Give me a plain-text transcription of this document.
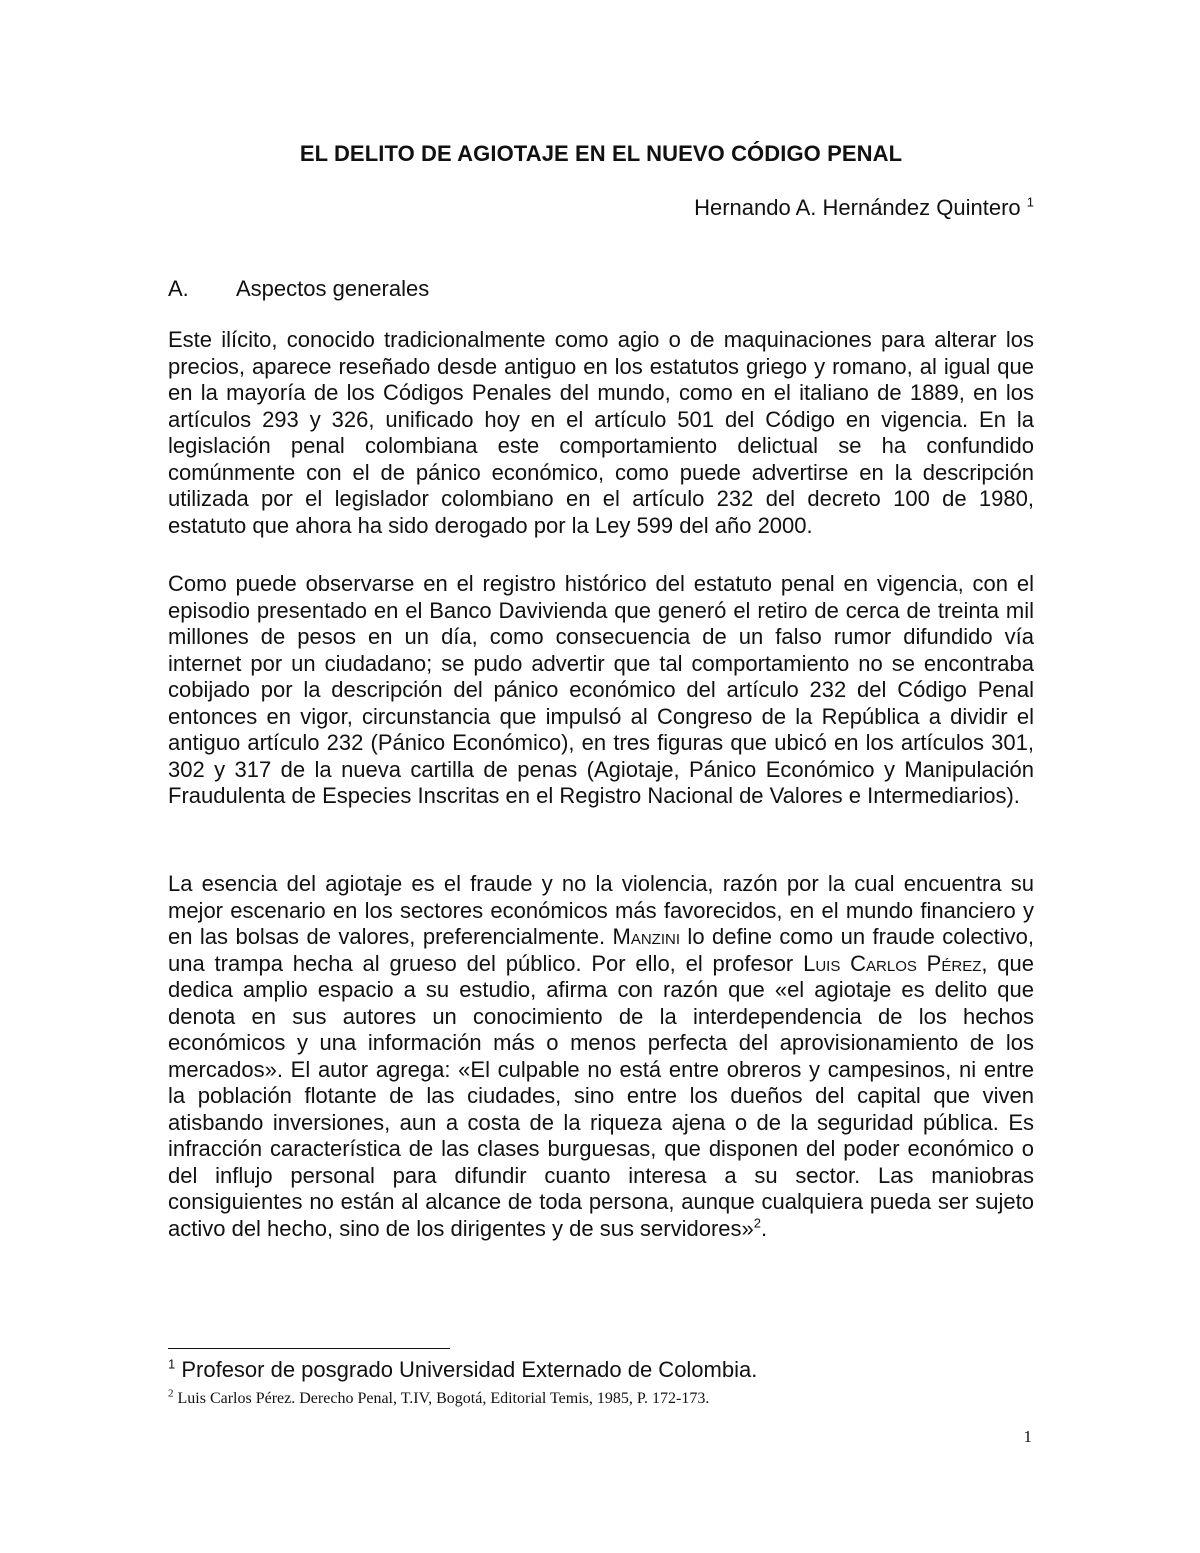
EL DELITO DE AGIOTAJE EN EL NUEVO CÓDIGO PENAL
Hernando A. Hernández Quintero $^1$
A. Aspectos generales

Este ilícito, conocido tradicionalmente como agio o de maquinaciones para alterar los precios, aparece reseñado desde antiguo en los estatutos griego y romano, al igual que en la mayoría de los Códigos Penales del mundo, como en el italiano de 1889, en los artículos 293 y 326, unificado hoy en el artículo 501 del Código en vigencia. En la legislación penal colombiana este comportamiento delictual se ha confundido comúnmente con el de pánico económico, como puede advertirse en la descripción utilizada por el legislador colombiano en el artículo 232 del decreto 100 de 1980, estatuto que ahora ha sido derogado por la Ley 599 del año 2000.

Como puede observarse en el registro histórico del estatuto penal en vigencia, con el episodio presentado en el Banco Davivienda que generó el retiro de cerca de treinta mil millones de pesos en un día, como consecuencia de un falso rumor difundido vía internet por un ciudadano; se pudo advertir que tal comportamiento no se encontraba cobijado por la descripción del pánico económico del artículo 232 del Código Penal entonces en vigor, circunstancia que impulsó al Congreso de la República a dividir el antiguo artículo 232 (Pánico Económico), en tres figuras que ubicó en los artículos 301, 302 y 317 de la nueva cartilla de penas (Agiotaje, Pánico Económico y Manipulación Fraudulenta de Especies Inscritas en el Registro Nacional de Valores e Intermediarios).

La esencia del agiotaje es el fraude y no la violencia, razón por la cual encuentra su mejor escenario en los sectores económicos más favorecidos, en el mundo financiero y en las bolsas de valores, preferencialmente. Manzini lo define como un fraude colectivo, una trampa hecha al grueso del público. Por ello, el profesor Luis Carlos Pérez, que dedica amplio espacio a su estudio, afirma con razón que «el agiotaje es delito que denota en sus autores un conocimiento de la interdependencia de los hechos económicos y una información más o menos perfecta del aprovisionamiento de los mercados». El autor agrega: «El culpable no está entre obreros y campesinos, ni entre la población flotante de las ciudades, sino entre los dueños del capital que viven atisbando inversiones, aun a costa de la riqueza ajena o de la seguridad pública. Es infracción característica de las clases burguesas, que disponen del poder económico o del influjo personal para difundir cuanto interesa a su sector. Las maniobras consiguientes no están al alcance de toda persona, aunque cualquiera pueda ser sujeto activo del hecho, sino de los dirigentes y de sus servidores»$^2$.

$^1$ Profesor de posgrado Universidad Externado de Colombia.
$^2$ Luis Carlos Pérez. Derecho Penal, T.IV, Bogotá, Editorial Temis, 1985, P. 172-173.
1
